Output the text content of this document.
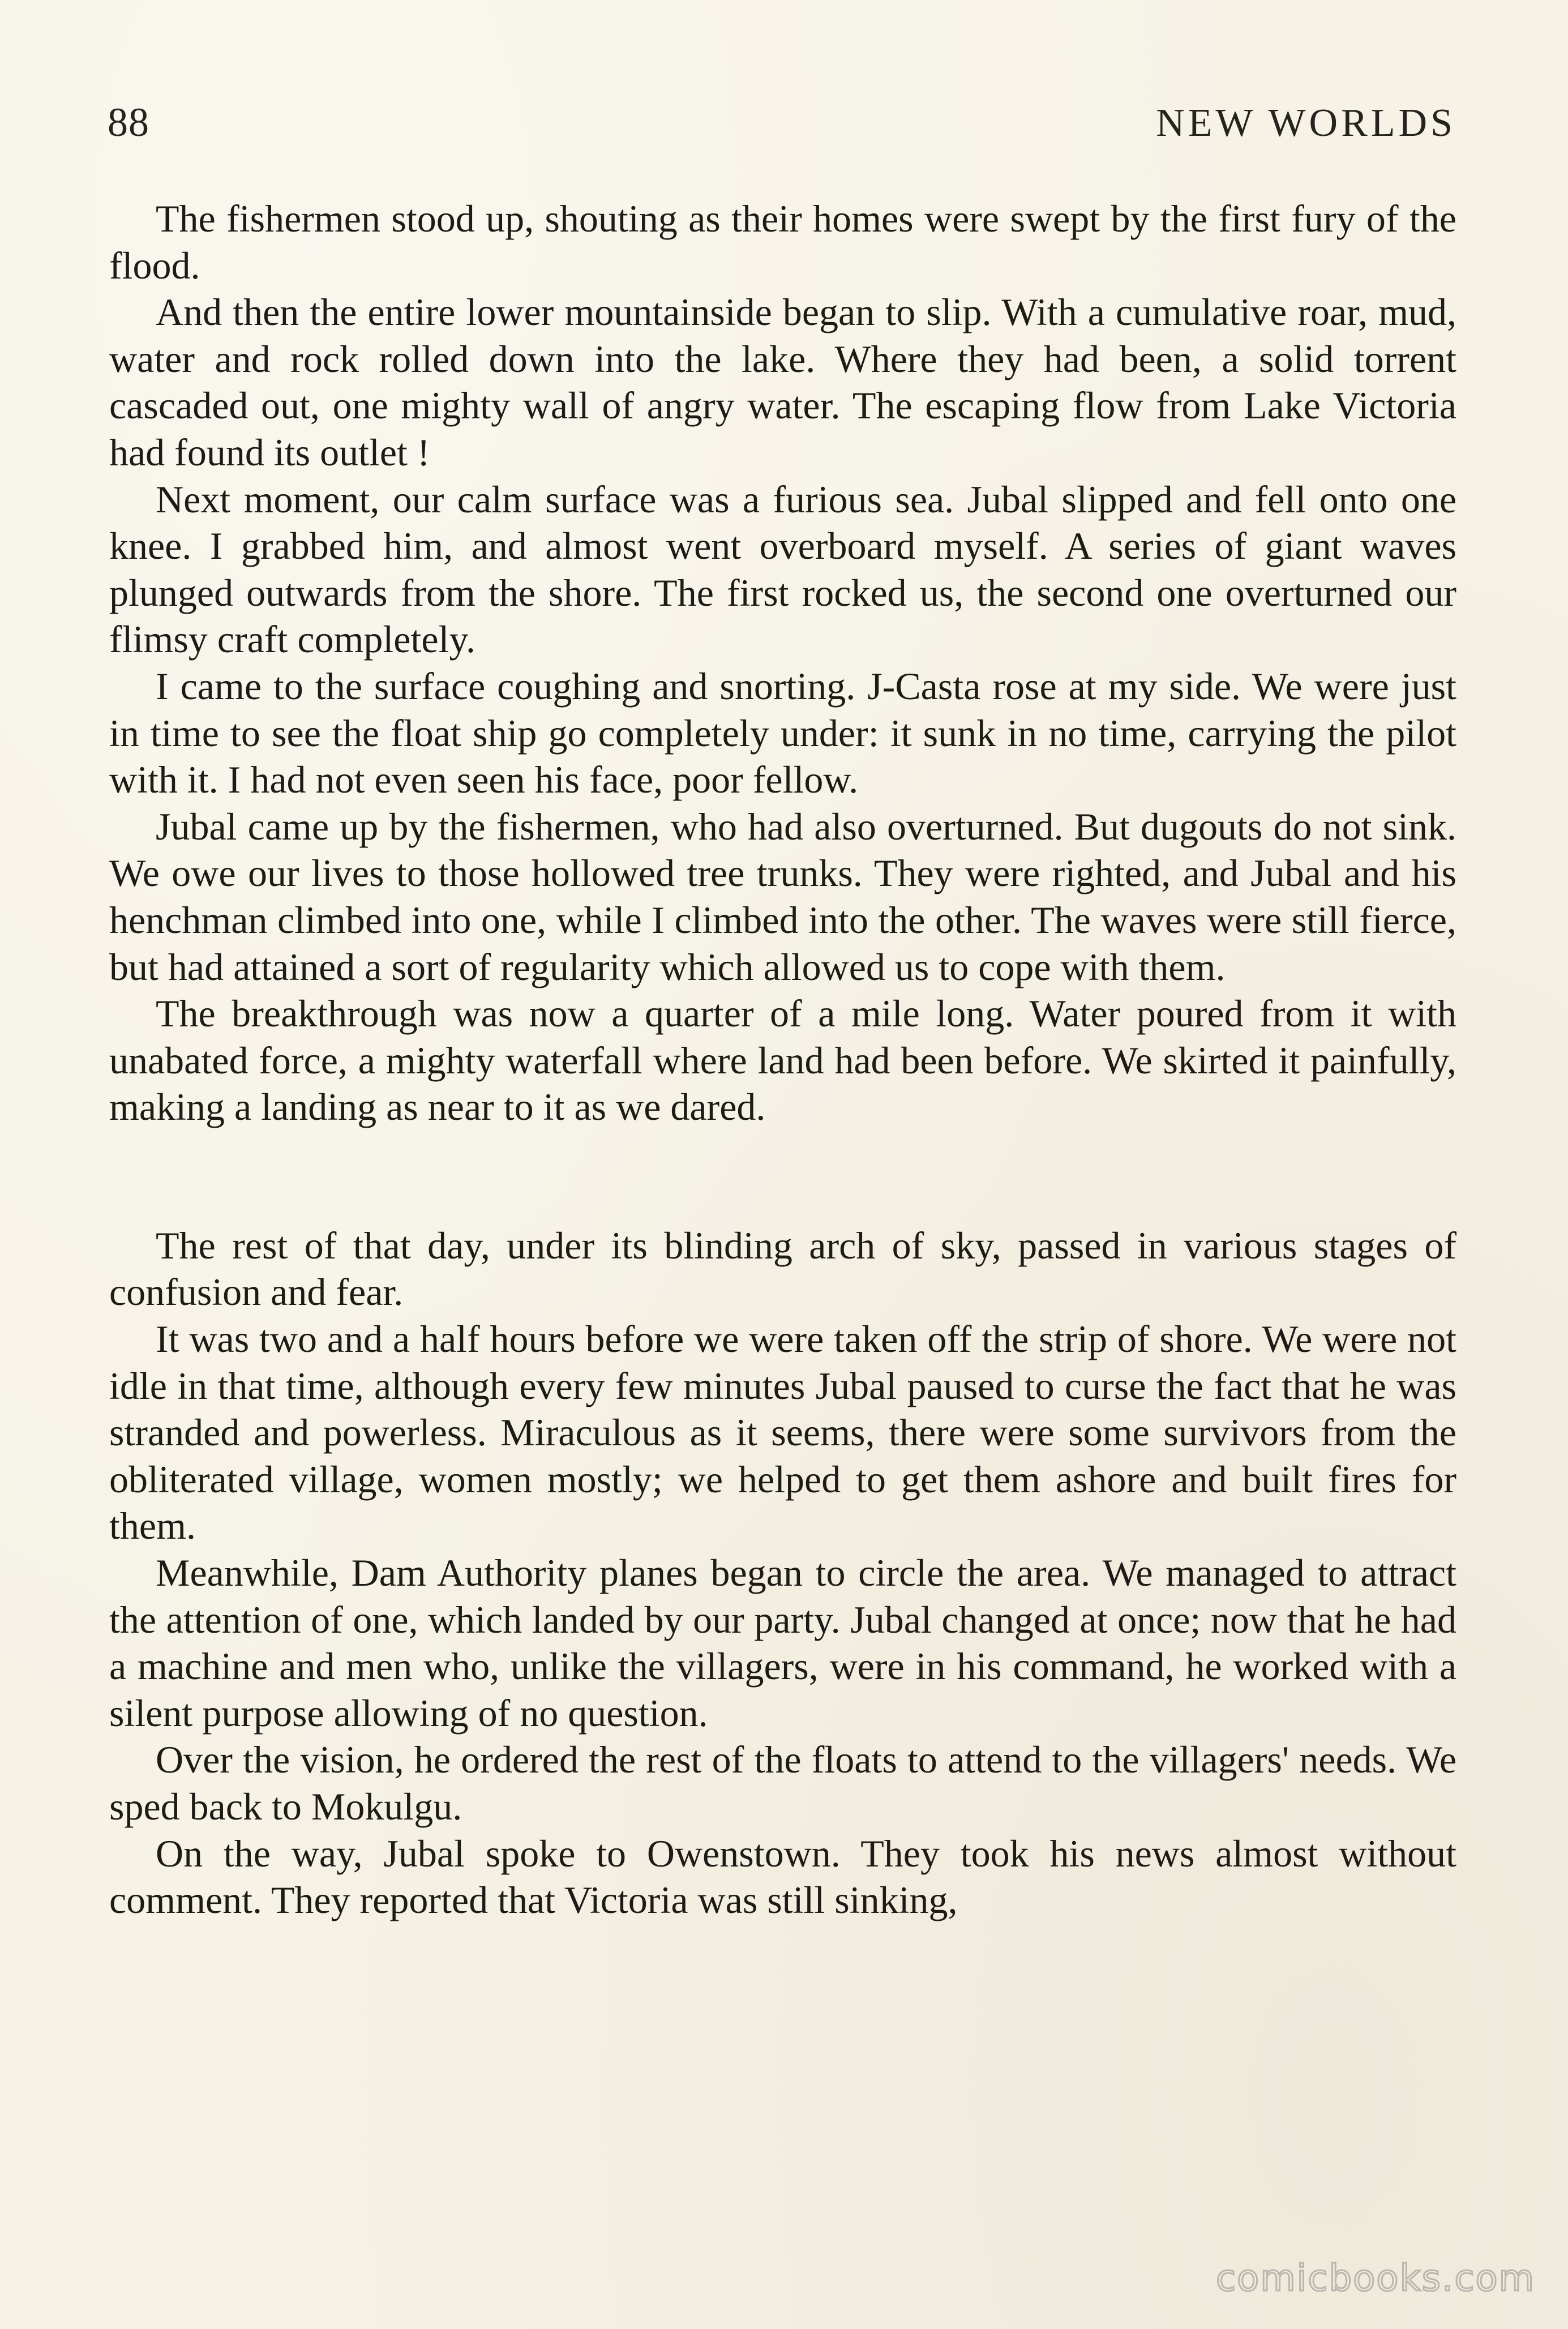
88	NEW WORLDS

The fishermen stood up, shouting as their homes were swept by the first fury of the flood.

And then the entire lower mountainside began to slip. With a cumulative roar, mud, water and rock rolled down into the lake. Where they had been, a solid torrent cascaded out, one mighty wall of angry water. The escaping flow from Lake Victoria had found its outlet !

Next moment, our calm surface was a furious sea. Jubal slipped and fell onto one knee. I grabbed him, and almost went overboard myself. A series of giant waves plunged outwards from the shore. The first rocked us, the second one overturned our flimsy craft completely.

I came to the surface coughing and snorting. J-Casta rose at my side. We were just in time to see the float ship go completely under: it sunk in no time, carrying the pilot with it. I had not even seen his face, poor fellow.

Jubal came up by the fishermen, who had also overturned. But dugouts do not sink. We owe our lives to those hollowed tree trunks. They were righted, and Jubal and his henchman climbed into one, while I climbed into the other. The waves were still fierce, but had attained a sort of regularity which allowed us to cope with them.

The breakthrough was now a quarter of a mile long. Water poured from it with unabated force, a mighty waterfall where land had been before. We skirted it painfully, making a landing as near to it as we dared.

The rest of that day, under its blinding arch of sky, passed in various stages of confusion and fear.

It was two and a half hours before we were taken off the strip of shore. We were not idle in that time, although every few minutes Jubal paused to curse the fact that he was stranded and powerless. Miraculous as it seems, there were some survivors from the obliterated village, women mostly; we helped to get them ashore and built fires for them.

Meanwhile, Dam Authority planes began to circle the area. We managed to attract the attention of one, which landed by our party. Jubal changed at once; now that he had a machine and men who, unlike the villagers, were in his command, he worked with a silent purpose allowing of no question.

Over the vision, he ordered the rest of the floats to attend to the villagers' needs. We sped back to Mokulgu.

On the way, Jubal spoke to Owenstown. They took his news almost without comment. They reported that Victoria was still sinking,

comicbooks.com
